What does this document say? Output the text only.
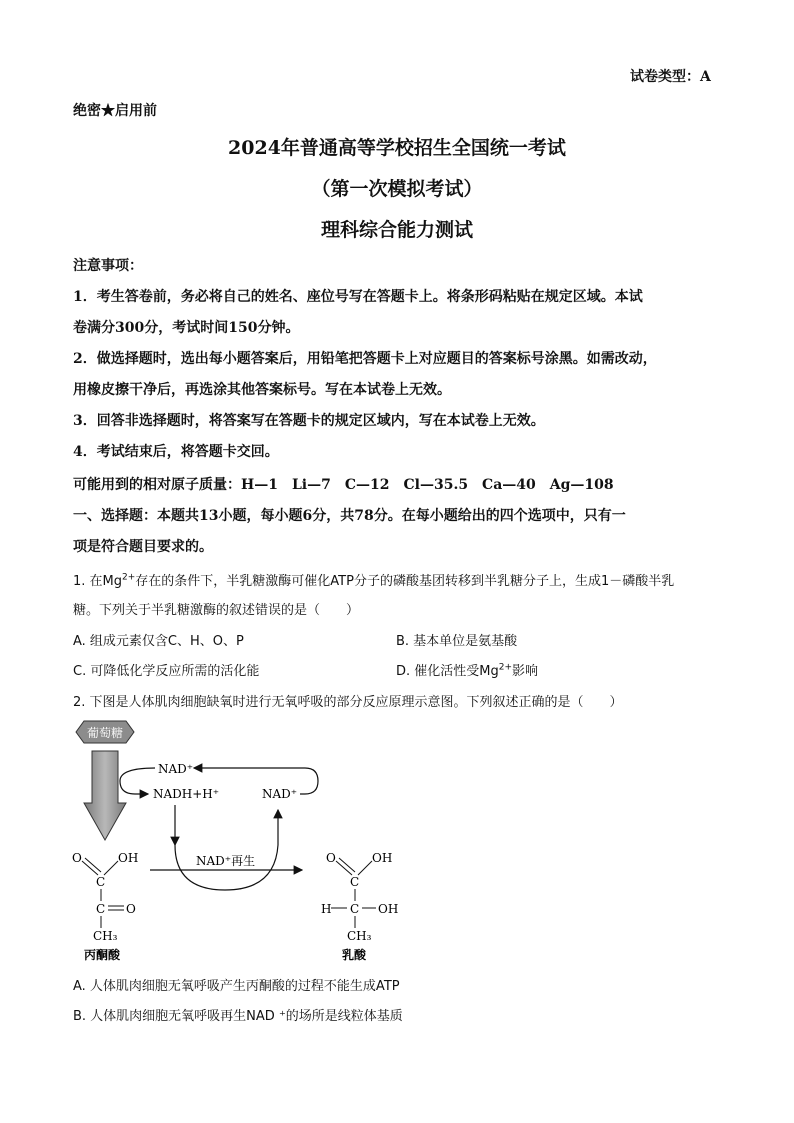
试卷类型：A
绝密★启用前
2024年普通高等学校招生全国统一考试
（第一次模拟考试）
理科综合能力测试
注意事项：
1．考生答卷前，务必将自己的姓名、座位号写在答题卡上。将条形码粘贴在规定区域。本试
卷满分300分，考试时间150分钟。
2．做选择题时，选出每小题答案后，用铅笔把答题卡上对应题目的答案标号涂黑。如需改动，
用橡皮擦干净后，再选涂其他答案标号。写在本试卷上无效。
3．回答非选择题时，将答案写在答题卡的规定区域内，写在本试卷上无效。
4．考试结束后，将答题卡交回。
可能用到的相对原子质量：H—1　Li—7　C—12　Cl—35.5　Ca—40　Ag—108
一、选择题：本题共13小题，每小题6分，共78分。在每小题给出的四个选项中，只有一
项是符合题目要求的。
1. 在$Mg^{2+}$存在的条件下，半乳糖激酶可催化ATP分子的磷酸基团转移到半乳糖分子上，生成1－磷酸半乳
糖。下列关于半乳糖激酶的叙述错误的是（　　）
A. 组成元素仅含C、H、O、P	B. 基本单位是氨基酸
C. 可降低化学反应所需的活化能	D. 催化活性受$Mg^{2+}$影响
2. 下图是人体肌肉细胞缺氧时进行无氧呼吸的部分反应原理示意图。下列叙述正确的是（　　）
葡萄糖
NAD⁺
NADH+H⁺	NAD⁺
NAD⁺再生
O	OH
C
C O
CH₃
丙酮酸
O	OH
C
H C OH
CH₃
乳酸
A. 人体肌肉细胞无氧呼吸产生丙酮酸的过程不能生成ATP
B. 人体肌肉细胞无氧呼吸再生NAD ⁺的场所是线粒体基质
